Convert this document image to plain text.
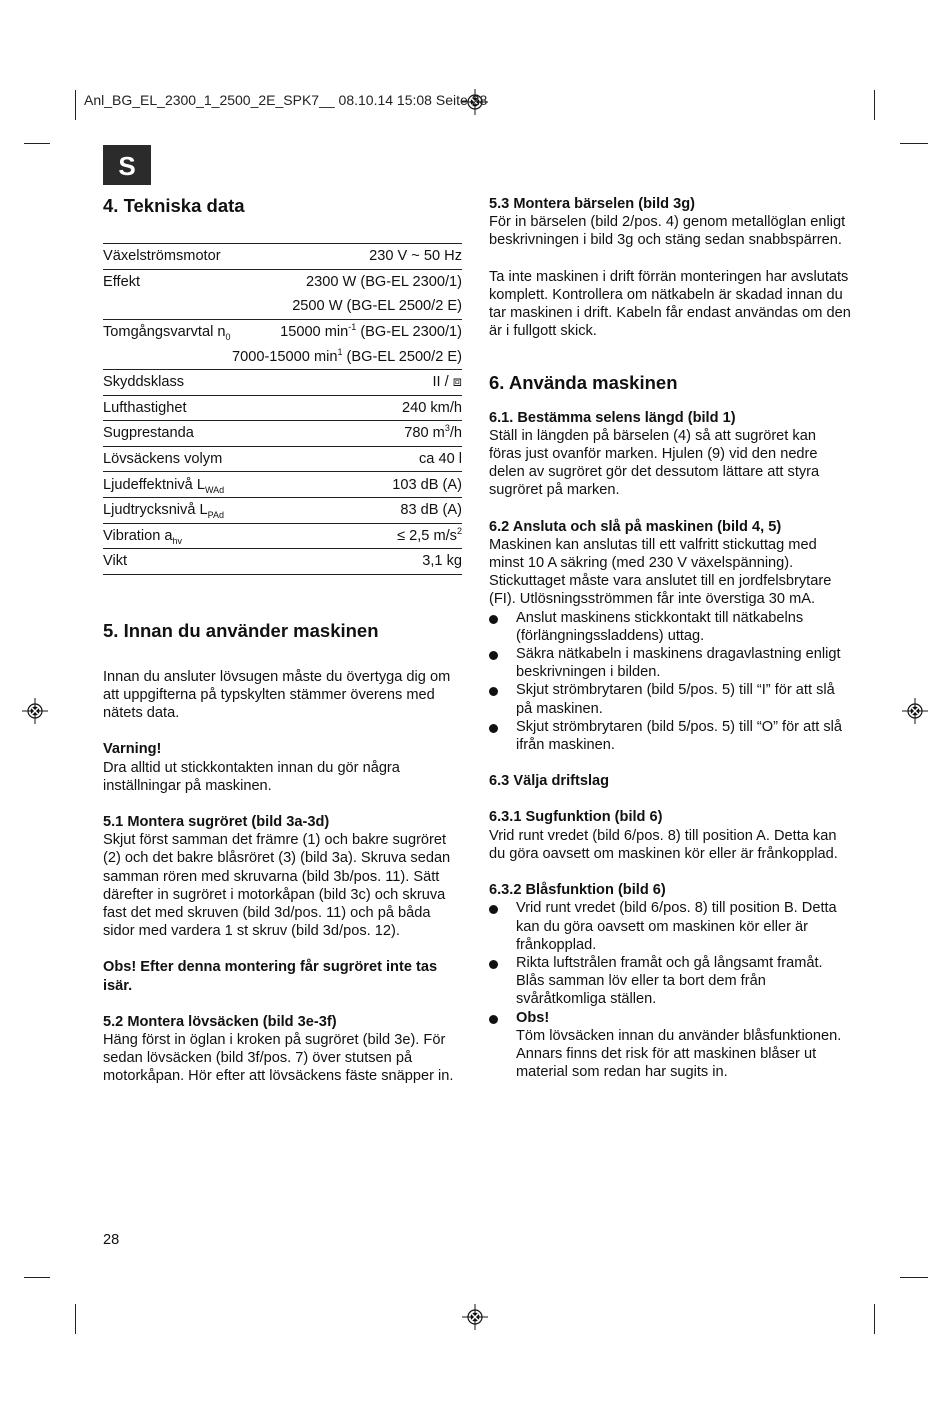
Anl_BG_EL_2300_1_2500_2E_SPK7__ 08.10.14 15:08 Seite 28
S
4. Tekniska data
Växelströmsmotor	230 V ~ 50 Hz
Effekt	2300 W (BG-EL 2300/1)
	2500 W (BG-EL 2500/2 E)
Tomgångsvarvtal $n_0$	15000 $\min^{-1} (BG-EL$ 2300/1)
	7000-15000 $\min^1 (BG-EL$ 2500/2 E)
Skyddsklass	II / ⧈
Lufthastighet	240 km/h
Sugprestanda	780 $m^3/h$
Lövsäckens volym	ca 40 l
Ljudeffektnivå $L_{WAd}$	103 dB (A)
Ljudtrycksnivå $L_{PAd}$	83 dB (A)
Vibration $a_{hv}$	≤ 2,5 $m/s^2$
Vikt	3,1 kg
5. Innan du använder maskinen

Innan du ansluter lövsugen måste du övertyga dig om att uppgifterna på typskylten stämmer överens med nätets data.

Varning!

Dra alltid ut stickkontakten innan du gör några inställningar på maskinen.

5.1 Montera sugröret (bild 3a-3d)

Skjut först samman det främre (1) och bakre sugröret (2) och det bakre blåsröret (3) (bild 3a). Skruva sedan samman rören med skruvarna (bild 3b/pos. 11). Sätt därefter in sugröret i motorkåpan (bild 3c) och skruva fast det med skruven (bild 3d/pos. 11) och på båda sidor med vardera 1 st skruv (bild 3d/pos. 12).

Obs! Efter denna montering får sugröret inte tas isär.

5.2 Montera lövsäcken (bild 3e-3f)

Häng först in öglan i kroken på sugröret (bild 3e). För sedan lövsäcken (bild 3f/pos. 7) över stutsen på motorkåpan. Hör efter att lövsäckens fäste snäpper in.

5.3 Montera bärselen (bild 3g)

För in bärselen (bild 2/pos. 4) genom metallöglan enligt beskrivningen i bild 3g och stäng sedan snabbspärren.

Ta inte maskinen i drift förrän monteringen har avslutats komplett. Kontrollera om nätkabeln är skadad innan du tar maskinen i drift. Kabeln får endast användas om den är i fullgott skick.

6. Använda maskinen

6.1. Bestämma selens längd (bild 1)

Ställ in längden på bärselen (4) så att sugröret kan föras just ovanför marken. Hjulen (9) vid den nedre delen av sugröret gör det dessutom lättare att styra sugröret på marken.

6.2 Ansluta och slå på maskinen (bild 4, 5)

Maskinen kan anslutas till ett valfritt stickuttag med minst 10 A säkring (med 230 V växelspänning). Stickuttaget måste vara anslutet till en jordfelsbrytare (FI). Utlösningsströmmen får inte överstiga 30 mA.

Anslut maskinens stickkontakt till nätkabelns (förlängningssladdens) uttag.
Säkra nätkabeln i maskinens dragavlastning enligt beskrivningen i bilden.
Skjut strömbrytaren (bild 5/pos. 5) till “I” för att slå på maskinen.
Skjut strömbrytaren (bild 5/pos. 5) till “O” för att slå ifrån maskinen.

6.3 Välja driftslag

6.3.1 Sugfunktion (bild 6)

Vrid runt vredet (bild 6/pos. 8) till position A. Detta kan du göra oavsett om maskinen kör eller är frånkopplad.

6.3.2 Blåsfunktion (bild 6)

Vrid runt vredet (bild 6/pos. 8) till position B. Detta kan du göra oavsett om maskinen kör eller är frånkopplad.
Rikta luftstrålen framåt och gå långsamt framåt. Blås samman löv eller ta bort dem från svåråtkomliga ställen.
Obs!
Töm lövsäcken innan du använder blåsfunktionen. Annars finns det risk för att maskinen blåser ut material som redan har sugits in.
28
